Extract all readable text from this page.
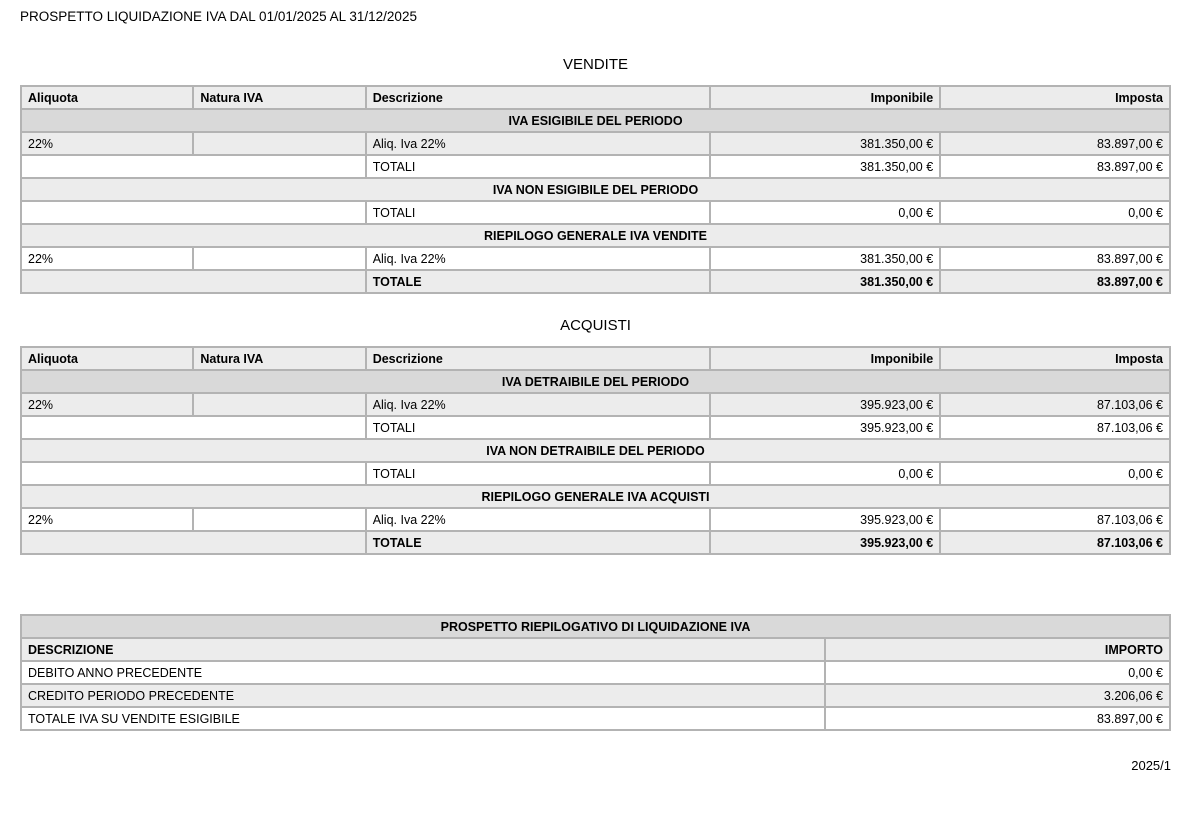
PROSPETTO LIQUIDAZIONE IVA DAL 01/01/2025 AL 31/12/2025
VENDITE
Aliquota	Natura IVA	Descrizione	Imponibile	Imposta
IVA ESIGIBILE DEL PERIODO				
22%		Aliq. Iva 22%	381.350,00 €	83.897,00 €
		TOTALI	381.350,00 €	83.897,00 €
IVA NON ESIGIBILE DEL PERIODO				
		TOTALI	0,00 €	0,00 €
RIEPILOGO GENERALE IVA VENDITE				
22%		Aliq. Iva 22%	381.350,00 €	83.897,00 €
		TOTALE	381.350,00 €	83.897,00 €
ACQUISTI
Aliquota	Natura IVA	Descrizione	Imponibile	Imposta
IVA DETRAIBILE DEL PERIODO				
22%		Aliq. Iva 22%	395.923,00 €	87.103,06 €
		TOTALI	395.923,00 €	87.103,06 €
IVA NON DETRAIBILE DEL PERIODO				
		TOTALI	0,00 €	0,00 €
RIEPILOGO GENERALE IVA ACQUISTI				
22%		Aliq. Iva 22%	395.923,00 €	87.103,06 €
		TOTALE	395.923,00 €	87.103,06 €
PROSPETTO RIEPILOGATIVO DI LIQUIDAZIONE IVA	
DESCRIZIONE	IMPORTO
DEBITO ANNO PRECEDENTE	0,00 €
CREDITO PERIODO PRECEDENTE	3.206,06 €
TOTALE IVA SU VENDITE ESIGIBILE	83.897,00 €
2025/1
